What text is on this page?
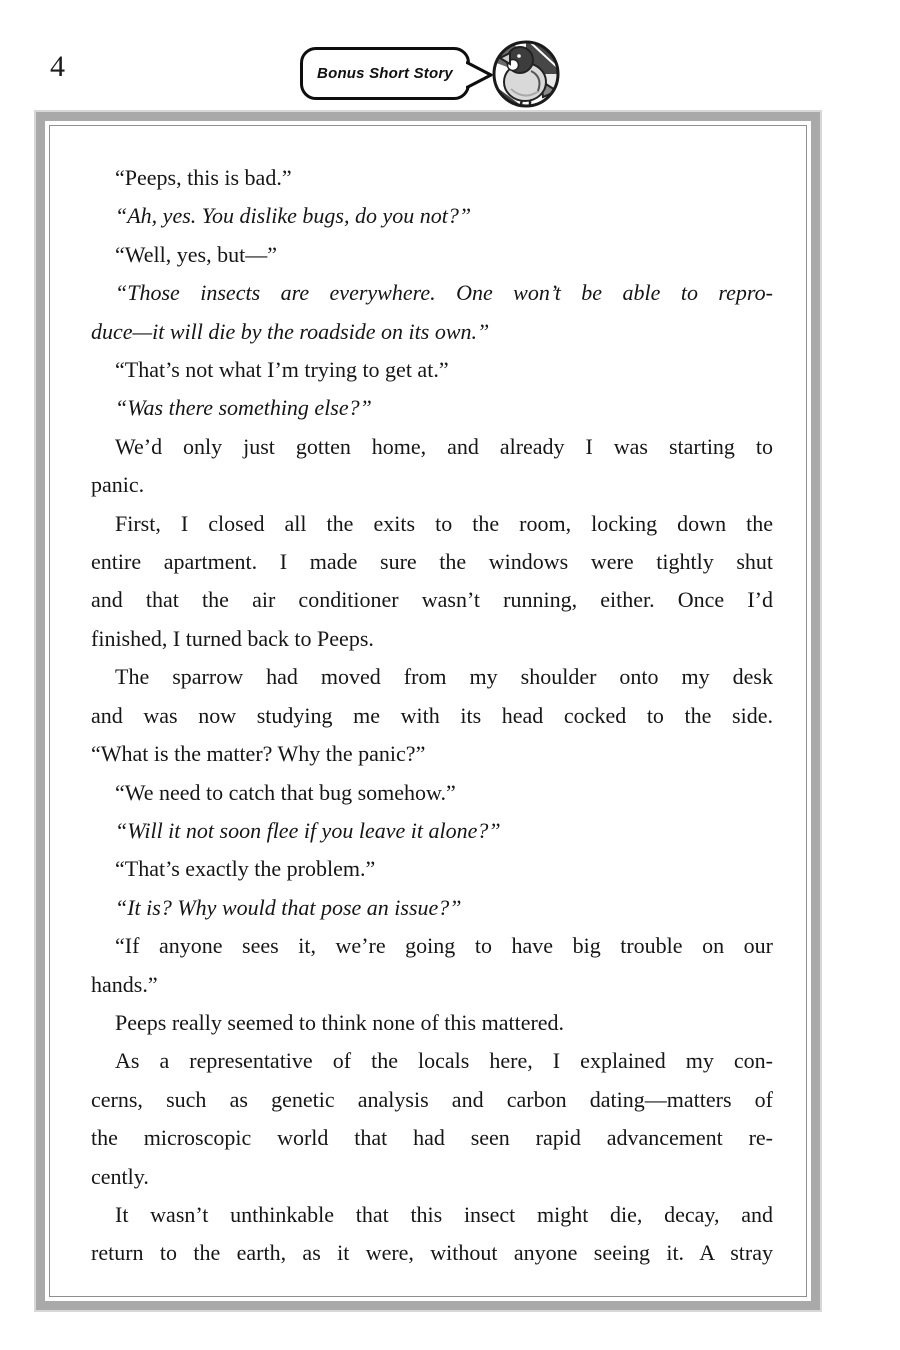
4	Bonus Short Story
“Peeps, this is bad.”
“Ah, yes. You dislike bugs, do you not?”
“Well, yes, but—”
“Those insects are everywhere. One won’t be able to repro-
duce—it will die by the roadside on its own.”
“That’s not what I’m trying to get at.”
“Was there something else?”
We’d only just gotten home, and already I was starting to
panic.
First, I closed all the exits to the room, locking down the
entire apartment. I made sure the windows were tightly shut
and that the air conditioner wasn’t running, either. Once I’d
finished, I turned back to Peeps.
The sparrow had moved from my shoulder onto my desk
and was now studying me with its head cocked to the side.
“What is the matter? Why the panic?”
“We need to catch that bug somehow.”
“Will it not soon flee if you leave it alone?”
“That’s exactly the problem.”
“It is? Why would that pose an issue?”
“If anyone sees it, we’re going to have big trouble on our
hands.”
Peeps really seemed to think none of this mattered.
As a representative of the locals here, I explained my con-
cerns, such as genetic analysis and carbon dating—matters of
the microscopic world that had seen rapid advancement re-
cently.
It wasn’t unthinkable that this insect might die, decay, and
return to the earth, as it were, without anyone seeing it. A stray
